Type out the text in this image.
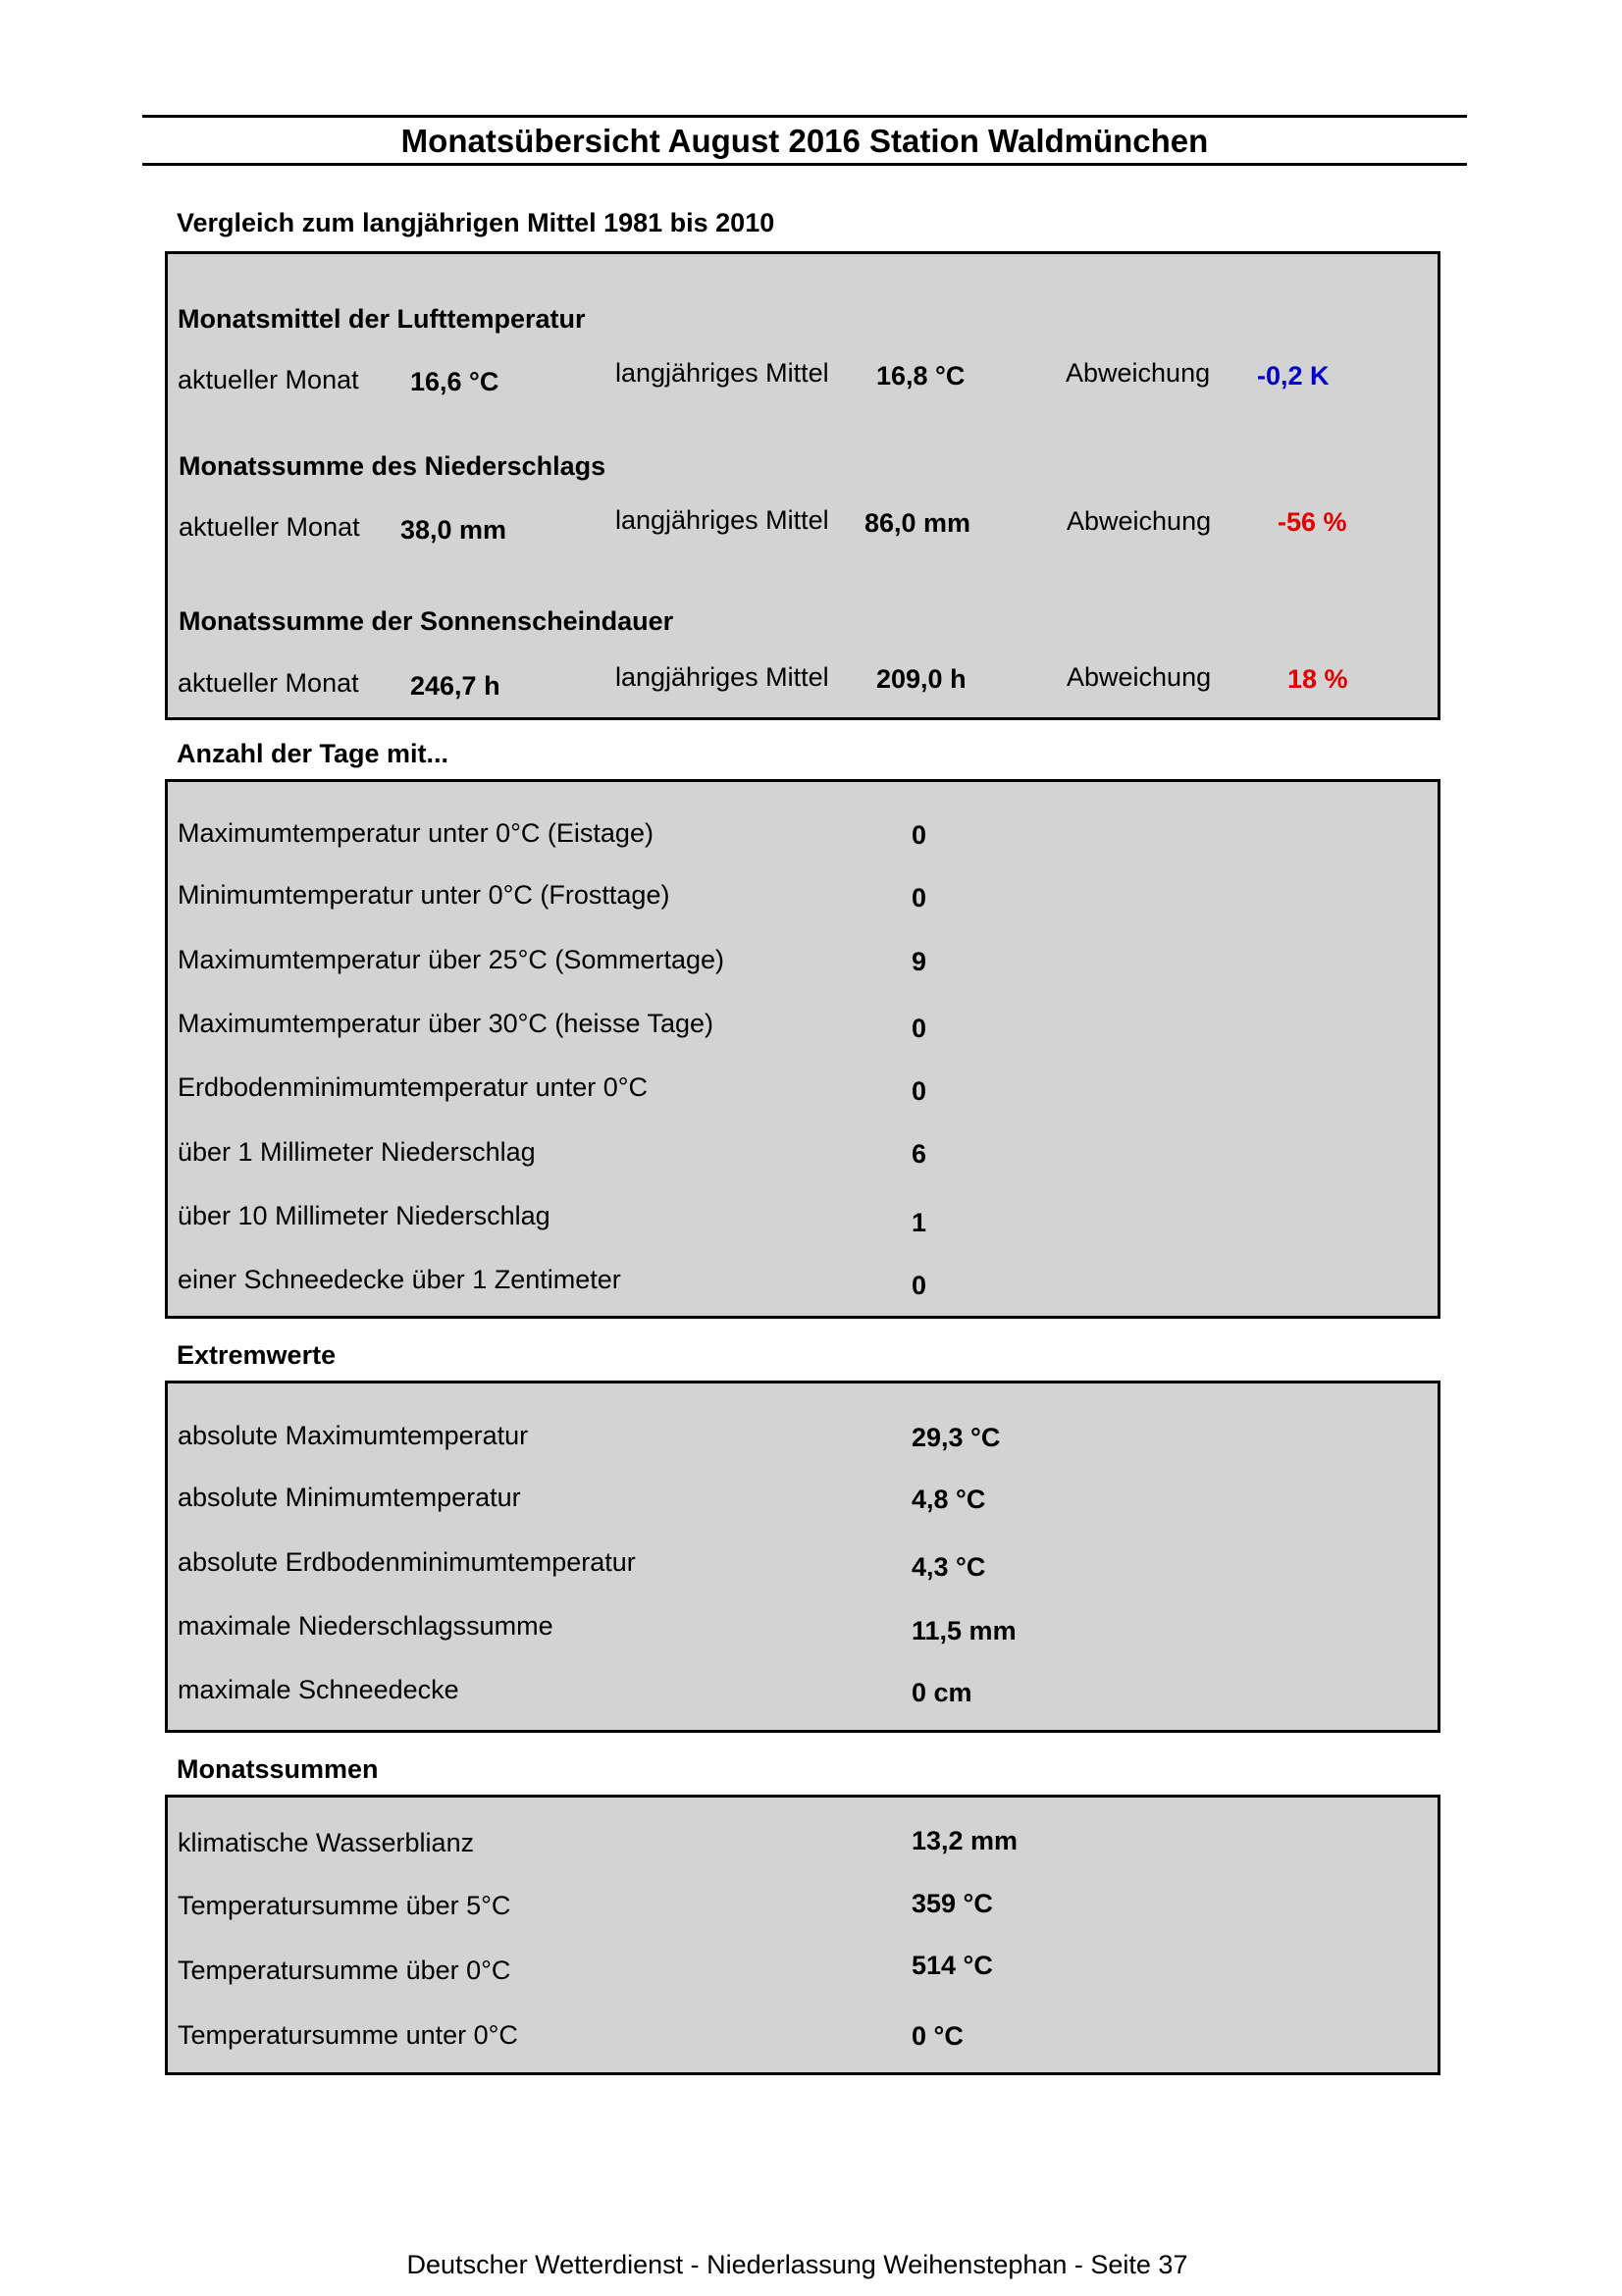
Monatsübersicht August 2016 Station Waldmünchen
Vergleich zum langjährigen Mittel 1981 bis 2010
Monatsmittel der Lufttemperatur
aktueller Monat 16,6 °C	langjähriges Mittel 16,8 °C	Abweichung -0,2 K
Monatssumme des Niederschlags
aktueller Monat 38,0 mm	langjähriges Mittel 86,0 mm	Abweichung	-56 %
Monatssumme der Sonnenscheindauer
aktueller Monat 246,7 h	langjähriges Mittel 209,0 h	Abweichung	18 %
Anzahl der Tage mit...
Maximumtemperatur unter 0°C (Eistage)	0
Minimumtemperatur unter 0°C (Frosttage)	0
Maximumtemperatur über 25°C (Sommertage)	9
Maximumtemperatur über 30°C (heisse Tage)	0
Erdbodenminimumtemperatur unter 0°C	0
über 1 Millimeter Niederschlag	6
über 10 Millimeter Niederschlag	1
einer Schneedecke über 1 Zentimeter	0
Extremwerte
absolute Maximumtemperatur	29,3 °C
absolute Minimumtemperatur	4,8 °C
absolute Erdbodenminimumtemperatur	4,3 °C
maximale Niederschlagssumme	11,5 mm
maximale Schneedecke	0 cm
Monatssummen
klimatische Wasserblianz	13,2 mm
Temperatursumme über 5°C	359 °C
Temperatursumme über 0°C	514 °C
Temperatursumme unter 0°C	0 °C
Deutscher Wetterdienst - Niederlassung Weihenstephan - Seite 37
